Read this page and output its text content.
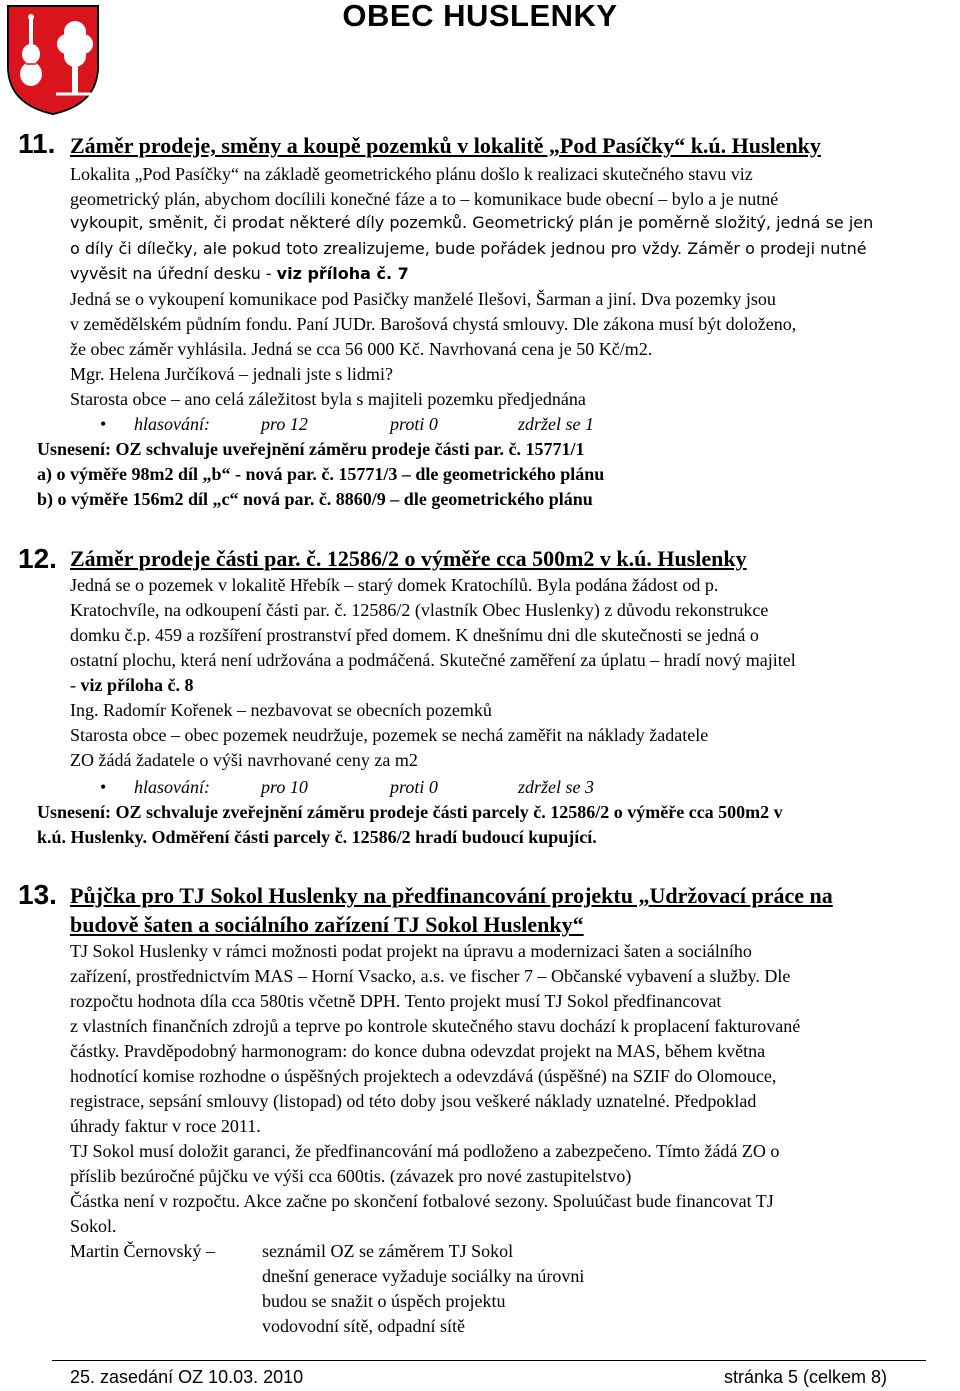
OBEC HUSLENKY
11. Záměr prodeje, směny a koupě pozemků v lokalitě „Pod Pasíčky“ k.ú. Huslenky
Lokalita „Pod Pasíčky“ na základě geometrického plánu došlo k realizaci skutečného stavu viz
geometrický plán, abychom docílili konečné fáze a to – komunikace bude obecní – bylo a je nutné
vykoupit, směnit, či prodat některé díly pozemků. Geometrický plán je poměrně složitý, jedná se jen
o díly či dílečky, ale pokud toto zrealizujeme, bude pořádek jednou pro vždy. Záměr o prodeji nutné
vyvěsit na úřední desku - viz příloha č. 7
Jedná se o vykoupení komunikace pod Pasičky manželé Ilešovi, Šarman a jiní. Dva pozemky jsou
v zemědělském půdním fondu. Paní JUDr. Barošová chystá smlouvy. Dle zákona musí být doloženo,
že obec záměr vyhlásila. Jedná se cca 56 000 Kč. Navrhovaná cena je 50 Kč/m2.
Mgr. Helena Jurčíková – jednali jste s lidmi?
Starosta obce – ano celá záležitost byla s majiteli pozemku předjednána
• hlasování:	pro 12	proti 0	zdržel se 1
Usnesení: OZ schvaluje uveřejnění záměru prodeje části par. č. 15771/1
a) o výměře 98m2 díl „b“ - nová par. č. 15771/3 – dle geometrického plánu
b) o výměře 156m2 díl „c“ nová par. č. 8860/9 – dle geometrického plánu
12. Záměr prodeje části par. č. 12586/2 o výměře cca 500m2 v k.ú. Huslenky
Jedná se o pozemek v lokalitě Hřebík – starý domek Kratochílů. Byla podána žádost od p.
Kratochvíle, na odkoupení části par. č. 12586/2 (vlastník Obec Huslenky) z důvodu rekonstrukce
domku č.p. 459 a rozšíření prostranství před domem. K dnešnímu dni dle skutečnosti se jedná o
ostatní plochu, která není udržována a podmáčená. Skutečné zaměření za úplatu – hradí nový majitel
- viz příloha č. 8
Ing. Radomír Kořenek – nezbavovat se obecních pozemků
Starosta obce – obec pozemek neudržuje, pozemek se nechá zaměřit na náklady žadatele
ZO žádá žadatele o výši navrhované ceny za m2
• hlasování:	pro 10	proti 0	zdržel se 3
Usnesení: OZ schvaluje zveřejnění záměru prodeje části parcely č. 12586/2 o výměře cca 500m2 v
k.ú. Huslenky. Odměření části parcely č. 12586/2 hradí budoucí kupující.
13. Půjčka pro TJ Sokol Huslenky na předfinancování projektu „Udržovací práce na
budově šaten a sociálního zařízení TJ Sokol Huslenky“
TJ Sokol Huslenky v rámci možnosti podat projekt na úpravu a modernizaci šaten a sociálního
zařízení, prostřednictvím MAS – Horní Vsacko, a.s. ve fischer 7 – Občanské vybavení a služby. Dle
rozpočtu hodnota díla cca 580tis včetně DPH. Tento projekt musí TJ Sokol předfinancovat
z vlastních finančních zdrojů a teprve po kontrole skutečného stavu dochází k proplacení fakturované
částky. Pravděpodobný harmonogram: do konce dubna odevzdat projekt na MAS, během května
hodnotící komise rozhodne o úspěšných projektech a odevzdává (úspěšné) na SZIF do Olomouce,
registrace, sepsání smlouvy (listopad) od této doby jsou veškeré náklady uznatelné. Předpoklad
úhrady faktur v roce 2011.
TJ Sokol musí doložit garanci, že předfinancování má podloženo a zabezpečeno. Tímto žádá ZO o
příslib bezúročné půjčku ve výši cca 600tis. (závazek pro nové zastupitelstvo)
Částka není v rozpočtu. Akce začne po skončení fotbalové sezony. Spoluúčast bude financovat TJ
Sokol.
Martin Černovský –	seznámil OZ se záměrem TJ Sokol
dnešní generace vyžaduje sociálky na úrovni
budou se snažit o úspěch projektu
vodovodní sítě, odpadní sítě
25. zasedání OZ 10.03. 2010	stránka 5 (celkem 8)
